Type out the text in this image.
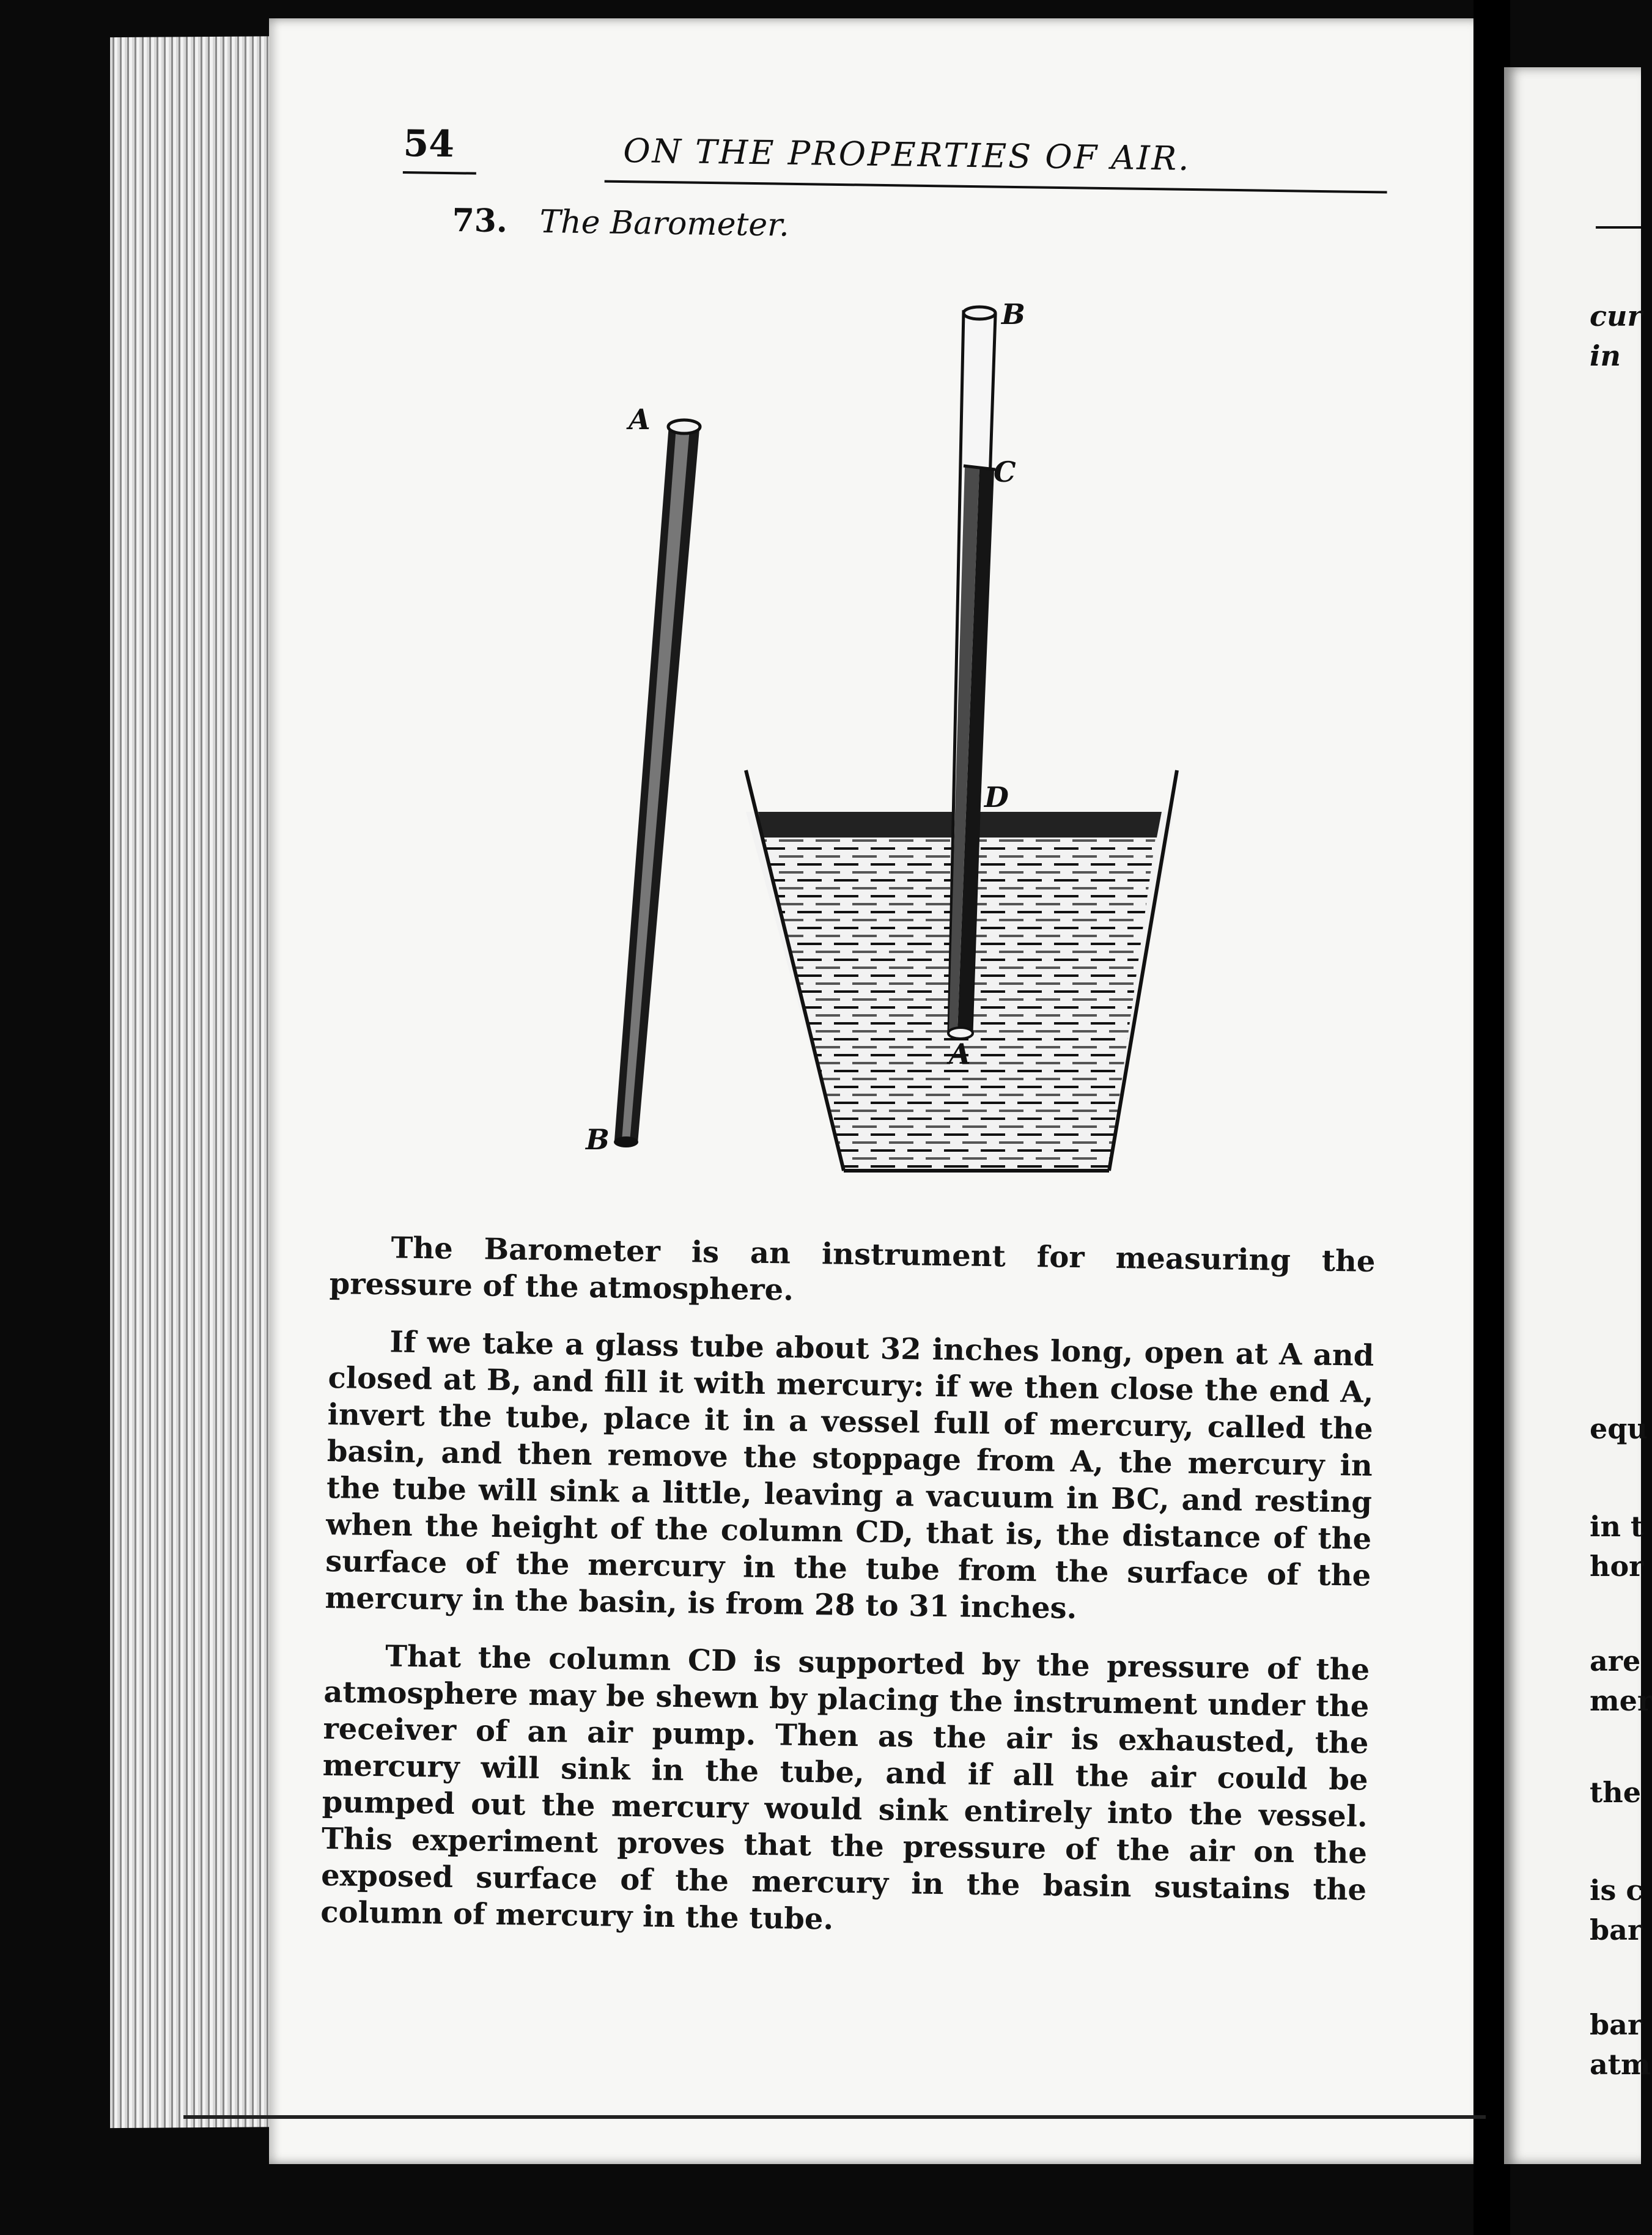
54	ON THE PROPERTIES OF AIR.
73. The Barometer.
A
B
B
C
D
A

The Barometer is an instrument for measuring the pressure of the atmosphere.

If we take a glass tube about 32 inches long, open at A and closed at B, and fill it with mercury: if we then close the end A, invert the tube, place it in a vessel full of mercury, called the basin, and then remove the stoppage from A, the mercury in the tube will sink a little, leaving a vacuum in BC, and resting when the height of the column CD, that is, the distance of the surface of the mercury in the tube from the surface of the mercury in the basin, is from 28 to 31 inches.

That the column CD is supported by the pressure of the atmosphere may be shewn by placing the instrument under the receiver of an air pump. Then as the air is exhausted, the mercury will sink in the tube, and if all the air could be pumped out the mercury would sink entirely into the vessel. This experiment proves that the pressure of the air on the exposed surface of the mercury in the basin sustains the column of mercury in the tube.

cur
in
equ
in t
hor
are
mer
the
is c
bar
bar
atm
